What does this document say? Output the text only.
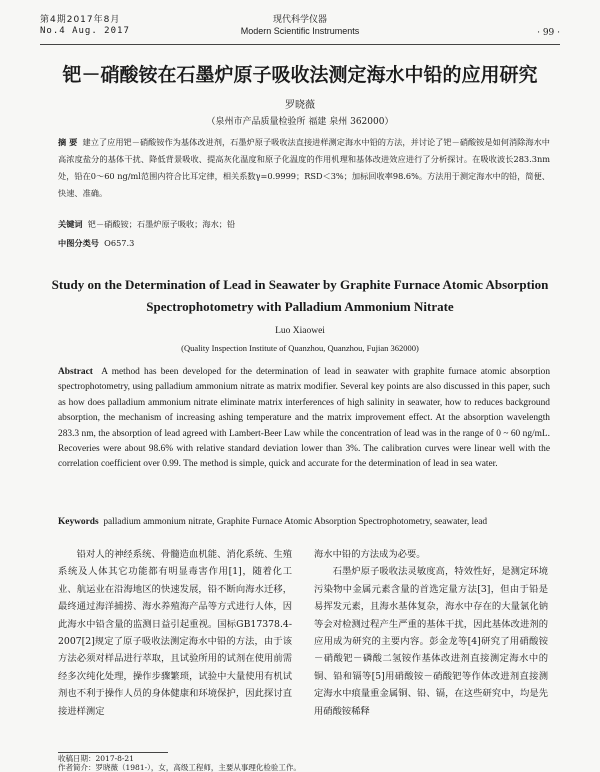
第4期2017年8月
No.4 Aug. 2017
现代科学仪器
Modern Scientific Instruments	· 99 ·
钯－硝酸铵在石墨炉原子吸收法测定海水中铅的应用研究
罗晓薇
（泉州市产品质量检验所 福建 泉州 362000）
摘 要 建立了应用钯－硝酸铵作为基体改进剂，石墨炉原子吸收法直接进样测定海水中铅的方法，并讨论了钯－硝酸铵是如何消除海水中高浓度盐分的基体干扰、降低背景吸收、提高灰化温度和原子化温度的作用机理和基体改进效应进行了分析探讨。在吸收波长283.3nm处，铅在0～60 ng/ml范围内符合比耳定律，相关系数γ=0.9999；RSD＜3%；加标回收率98.6%。方法用于测定海水中的铅，简便、快速、准确。
关键词 钯－硝酸铵；石墨炉原子吸收；海水；铅
中图分类号 O657.3
Study on the Determination of Lead in Seawater by Graphite Furnace Atomic Absorption Spectrophotometry with Palladium Ammonium Nitrate
Luo Xiaowei
(Quality Inspection Institute of Quanzhou, Quanzhou, Fujian 362000)
Abstract A method has been developed for the determination of lead in seawater with graphite furnace atomic absorption spectrophotometry, using palladium ammonium nitrate as matrix modifier. Several key points are also discussed in this paper, such as how does palladium ammonium nitrate eliminate matrix interferences of high salinity in seawater, how to reduces background absorption, the mechanism of increasing ashing temperature and the matrix improvement effect. At the absorption wavelength 283.3 nm, the absorption of lead agreed with Lambert-Beer Law while the concentration of lead was in the range of 0 ~ 60 ng/mL. Recoveries were about 98.6% with relative standard deviation lower than 3%. The calibration curves were linear well with the correlation coefficient over 0.99. The method is simple, quick and accurate for the determination of lead in sea water.
Keywords palladium ammonium nitrate, Graphite Furnace Atomic Absorption Spectrophotometry, seawater, lead

铅对人的神经系统、骨髓造血机能、消化系统、生殖系统及人体其它功能都有明显毒害作用[1]，随着化工业、航运业在沿海地区的快速发展，铅不断向海水迁移，最终通过海洋捕捞、海水养殖海产品等方式进行人体，因此海水中铅含量的监测日益引起重视。国标GB17378.4-2007[2]规定了原子吸收法测定海水中铅的方法，由于该方法必须对样品进行萃取，且试验所用的试剂在使用前需经多次纯化处理，操作步骤繁琐，试验中大量使用有机试剂也不利于操作人员的身体健康和环境保护，因此探讨直接进样测定

海水中铅的方法成为必要。

石墨炉原子吸收法灵敏度高，特效性好，是测定环境污染物中金属元素含量的首选定量方法[3]，但由于铅是易挥发元素，且海水基体复杂，海水中存在的大量氯化钠等会对检测过程产生严重的基体干扰，因此基体改进剂的应用成为研究的主要内容。彭金龙等[4]研究了用硝酸铵－硝酸钯－磷酸二氢铵作基体改进剂直接测定海水中的铜、铅和镉等[5]用硝酸铵－硝酸钯等作体改进剂直接测定海水中痕量重金属铜、铅、镉，在这些研究中，均是先用硝酸铵稀释

收稿日期：2017-8-21
作者简介：罗晓薇（1981-），女，高级工程师，主要从事理化检验工作。
